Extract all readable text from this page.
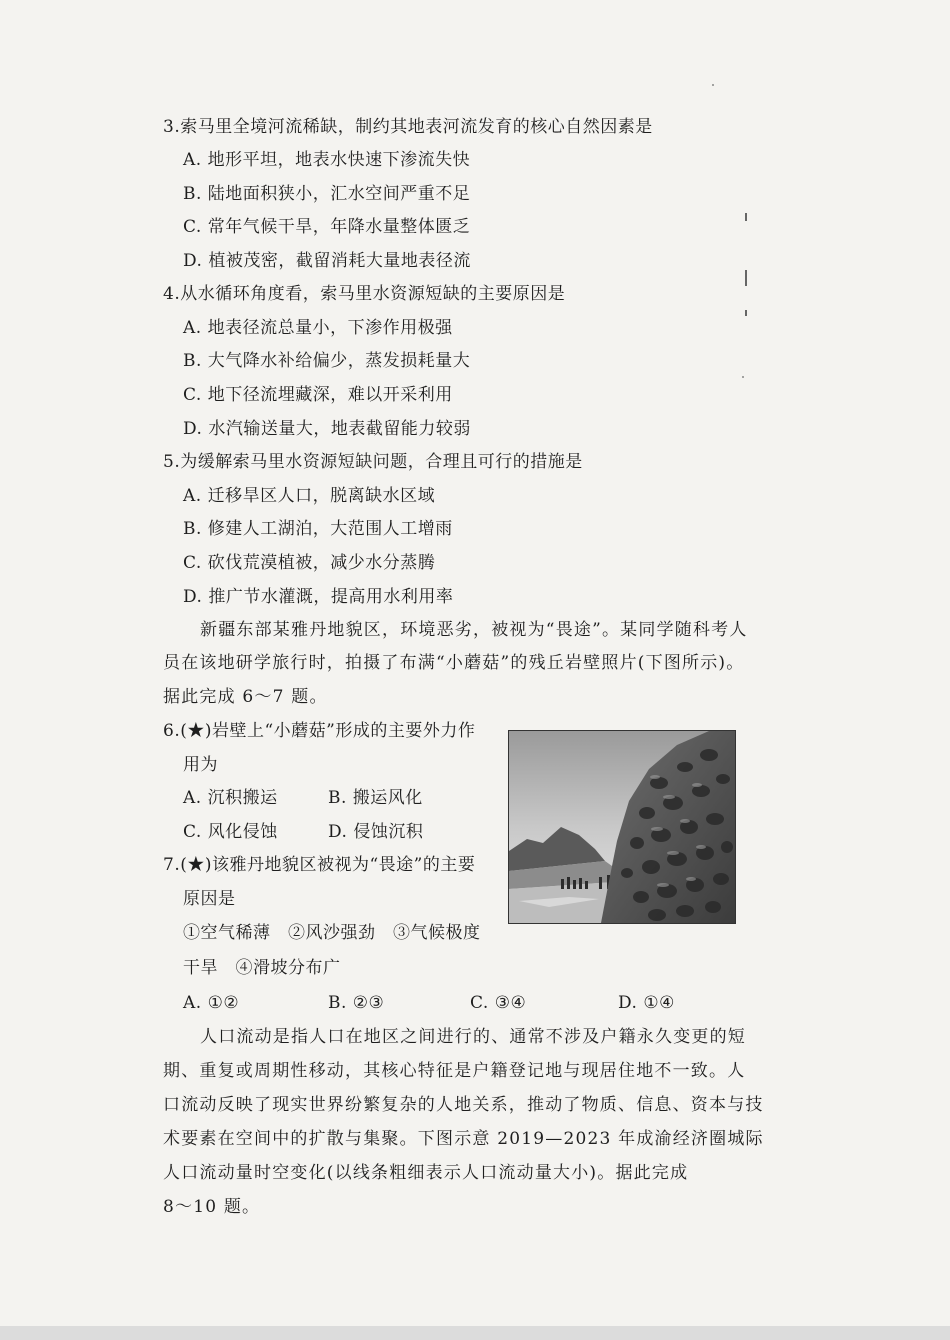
3.索马里全境河流稀缺，制约其地表河流发育的核心自然因素是
A. 地形平坦，地表水快速下渗流失快
B. 陆地面积狭小，汇水空间严重不足
C. 常年气候干旱，年降水量整体匮乏
D. 植被茂密，截留消耗大量地表径流
4.从水循环角度看，索马里水资源短缺的主要原因是
A. 地表径流总量小，下渗作用极强
B. 大气降水补给偏少，蒸发损耗量大
C. 地下径流埋藏深，难以开采利用
D. 水汽输送量大，地表截留能力较弱
5.为缓解索马里水资源短缺问题，合理且可行的措施是
A. 迁移旱区人口，脱离缺水区域
B. 修建人工湖泊，大范围人工增雨
C. 砍伐荒漠植被，减少水分蒸腾
D. 推广节水灌溉，提高用水利用率
新疆东部某雅丹地貌区，环境恶劣，被视为“畏途”。某同学随科考人
员在该地研学旅行时，拍摄了布满“小蘑菇”的残丘岩壁照片(下图所示)。
据此完成 6～7 题。
6.(★)岩壁上“小蘑菇”形成的主要外力作
用为
A. 沉积搬运	B. 搬运风化
C. 风化侵蚀	D. 侵蚀沉积
7.(★)该雅丹地貌区被视为“畏途”的主要
原因是
①空气稀薄　②风沙强劲　③气候极度
干旱　④滑坡分布广
A. ①②	B. ②③	C. ③④	D. ①④
人口流动是指人口在地区之间进行的、通常不涉及户籍永久变更的短
期、重复或周期性移动，其核心特征是户籍登记地与现居住地不一致。人
口流动反映了现实世界纷繁复杂的人地关系，推动了物质、信息、资本与技
术要素在空间中的扩散与集聚。下图示意 2019—2023 年成渝经济圈城际
人口流动量时空变化(以线条粗细表示人口流动量大小)。据此完成
8～10 题。
